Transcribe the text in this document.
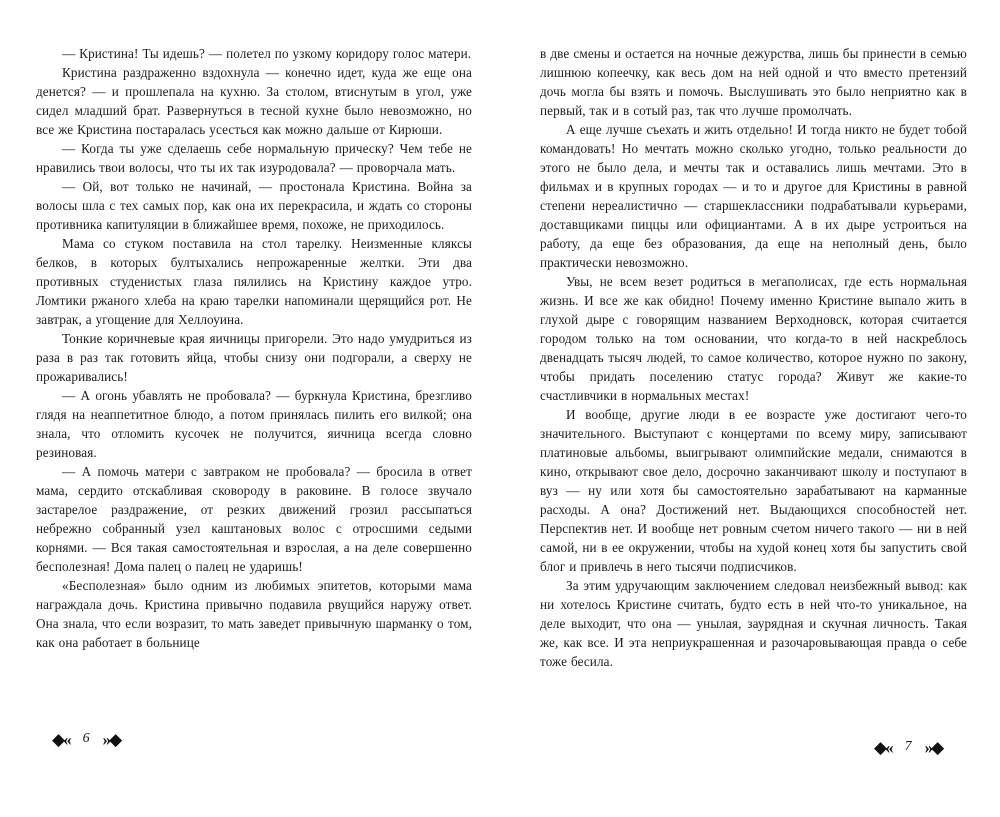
— Кристина! Ты идешь? — полетел по узкому коридору голос матери.

Кристина раздраженно вздохнула — конечно идет, куда же еще она денется? — и прошлепала на кухню. За столом, втиснутым в угол, уже сидел младший брат. Развернуться в тесной кухне было невозможно, но все же Кристина постаралась усесться как можно дальше от Кирюши.

— Когда ты уже сделаешь себе нормальную прическу? Чем тебе не нравились твои волосы, что ты их так изуродовала? — проворчала мать.

— Ой, вот только не начинай, — простонала Кристина. Война за волосы шла с тех самых пор, как она их перекрасила, и ждать со стороны противника капитуляции в ближайшее время, похоже, не приходилось.

Мама со стуком поставила на стол тарелку. Неизменные кляксы белков, в которых бултыхались непрожаренные желтки. Эти два противных студенистых глаза пялились на Кристину каждое утро. Ломтики ржаного хлеба на краю тарелки напоминали щерящийся рот. Не завтрак, а угощение для Хеллоуина.

Тонкие коричневые края яичницы пригорели. Это надо умудриться из раза в раз так готовить яйца, чтобы снизу они подгорали, а сверху не прожаривались!

— А огонь убавлять не пробовала? — буркнула Кристина, брезгливо глядя на неаппетитное блюдо, а потом принялась пилить его вилкой; она знала, что отломить кусочек не получится, яичница всегда словно резиновая.

— А помочь матери с завтраком не пробовала? — бросила в ответ мама, сердито отскабливая сковороду в раковине. В голосе звучало застарелое раздражение, от резких движений грозил рассыпаться небрежно собранный узел каштановых волос с отросшими седыми корнями. — Вся такая самостоятельная и взрослая, а на деле совершенно бесполезная! Дома палец о палец не ударишь!

«Бесполезная» было одним из любимых эпитетов, которыми мама награждала дочь. Кристина привычно подавила рвущийся наружу ответ. Она знала, что если возразит, то мать заведет привычную шарманку о том, как она работает в больнице

в две смены и остается на ночные дежурства, лишь бы принести в семью лишнюю копеечку, как весь дом на ней одной и что вместо претензий дочь могла бы взять и помочь. Выслушивать это было неприятно как в первый, так и в сотый раз, так что лучше промолчать.

А еще лучше съехать и жить отдельно! И тогда никто не будет тобой командовать! Но мечтать можно сколько угодно, только реальности до этого не было дела, и мечты так и оставались лишь мечтами. Это в фильмах и в крупных городах — и то и другое для Кристины в равной степени нереалистично — старшеклассники подрабатывали курьерами, доставщиками пиццы или официантами. А в их дыре устроиться на работу, да еще без образования, да еще на неполный день, было практически невозможно.

Увы, не всем везет родиться в мегаполисах, где есть нормальная жизнь. И все же как обидно! Почему именно Кристине выпало жить в глухой дыре с говорящим названием Верходновск, которая считается городом только на том основании, что когда-то в ней наскреблось двенадцать тысяч людей, то самое количество, которое нужно по закону, чтобы придать поселению статус города? Живут же какие-то счастливчики в нормальных местах!

И вообще, другие люди в ее возрасте уже достигают чего-то значительного. Выступают с концертами по всему миру, записывают платиновые альбомы, выигрывают олимпийские медали, снимаются в кино, открывают свое дело, досрочно заканчивают школу и поступают в вуз — ну или хотя бы самостоятельно зарабатывают на карманные расходы. А она? Достижений нет. Выдающихся способностей нет. Перспектив нет. И вообще нет ровным счетом ничего такого — ни в ней самой, ни в ее окружении, чтобы на худой конец хотя бы запустить свой блог и привлечь в него тысячи подписчиков.

За этим удручающим заключением следовал неизбежный вывод: как ни хотелось Кристине считать, будто есть в ней что-то уникальное, на деле выходит, что она — унылая, заурядная и скучная личность. Такая же, как все. И эта неприукрашенная и разочаровывающая правда о себе тоже бесила.

◆« 6 »◆	◆« 7 »◆
